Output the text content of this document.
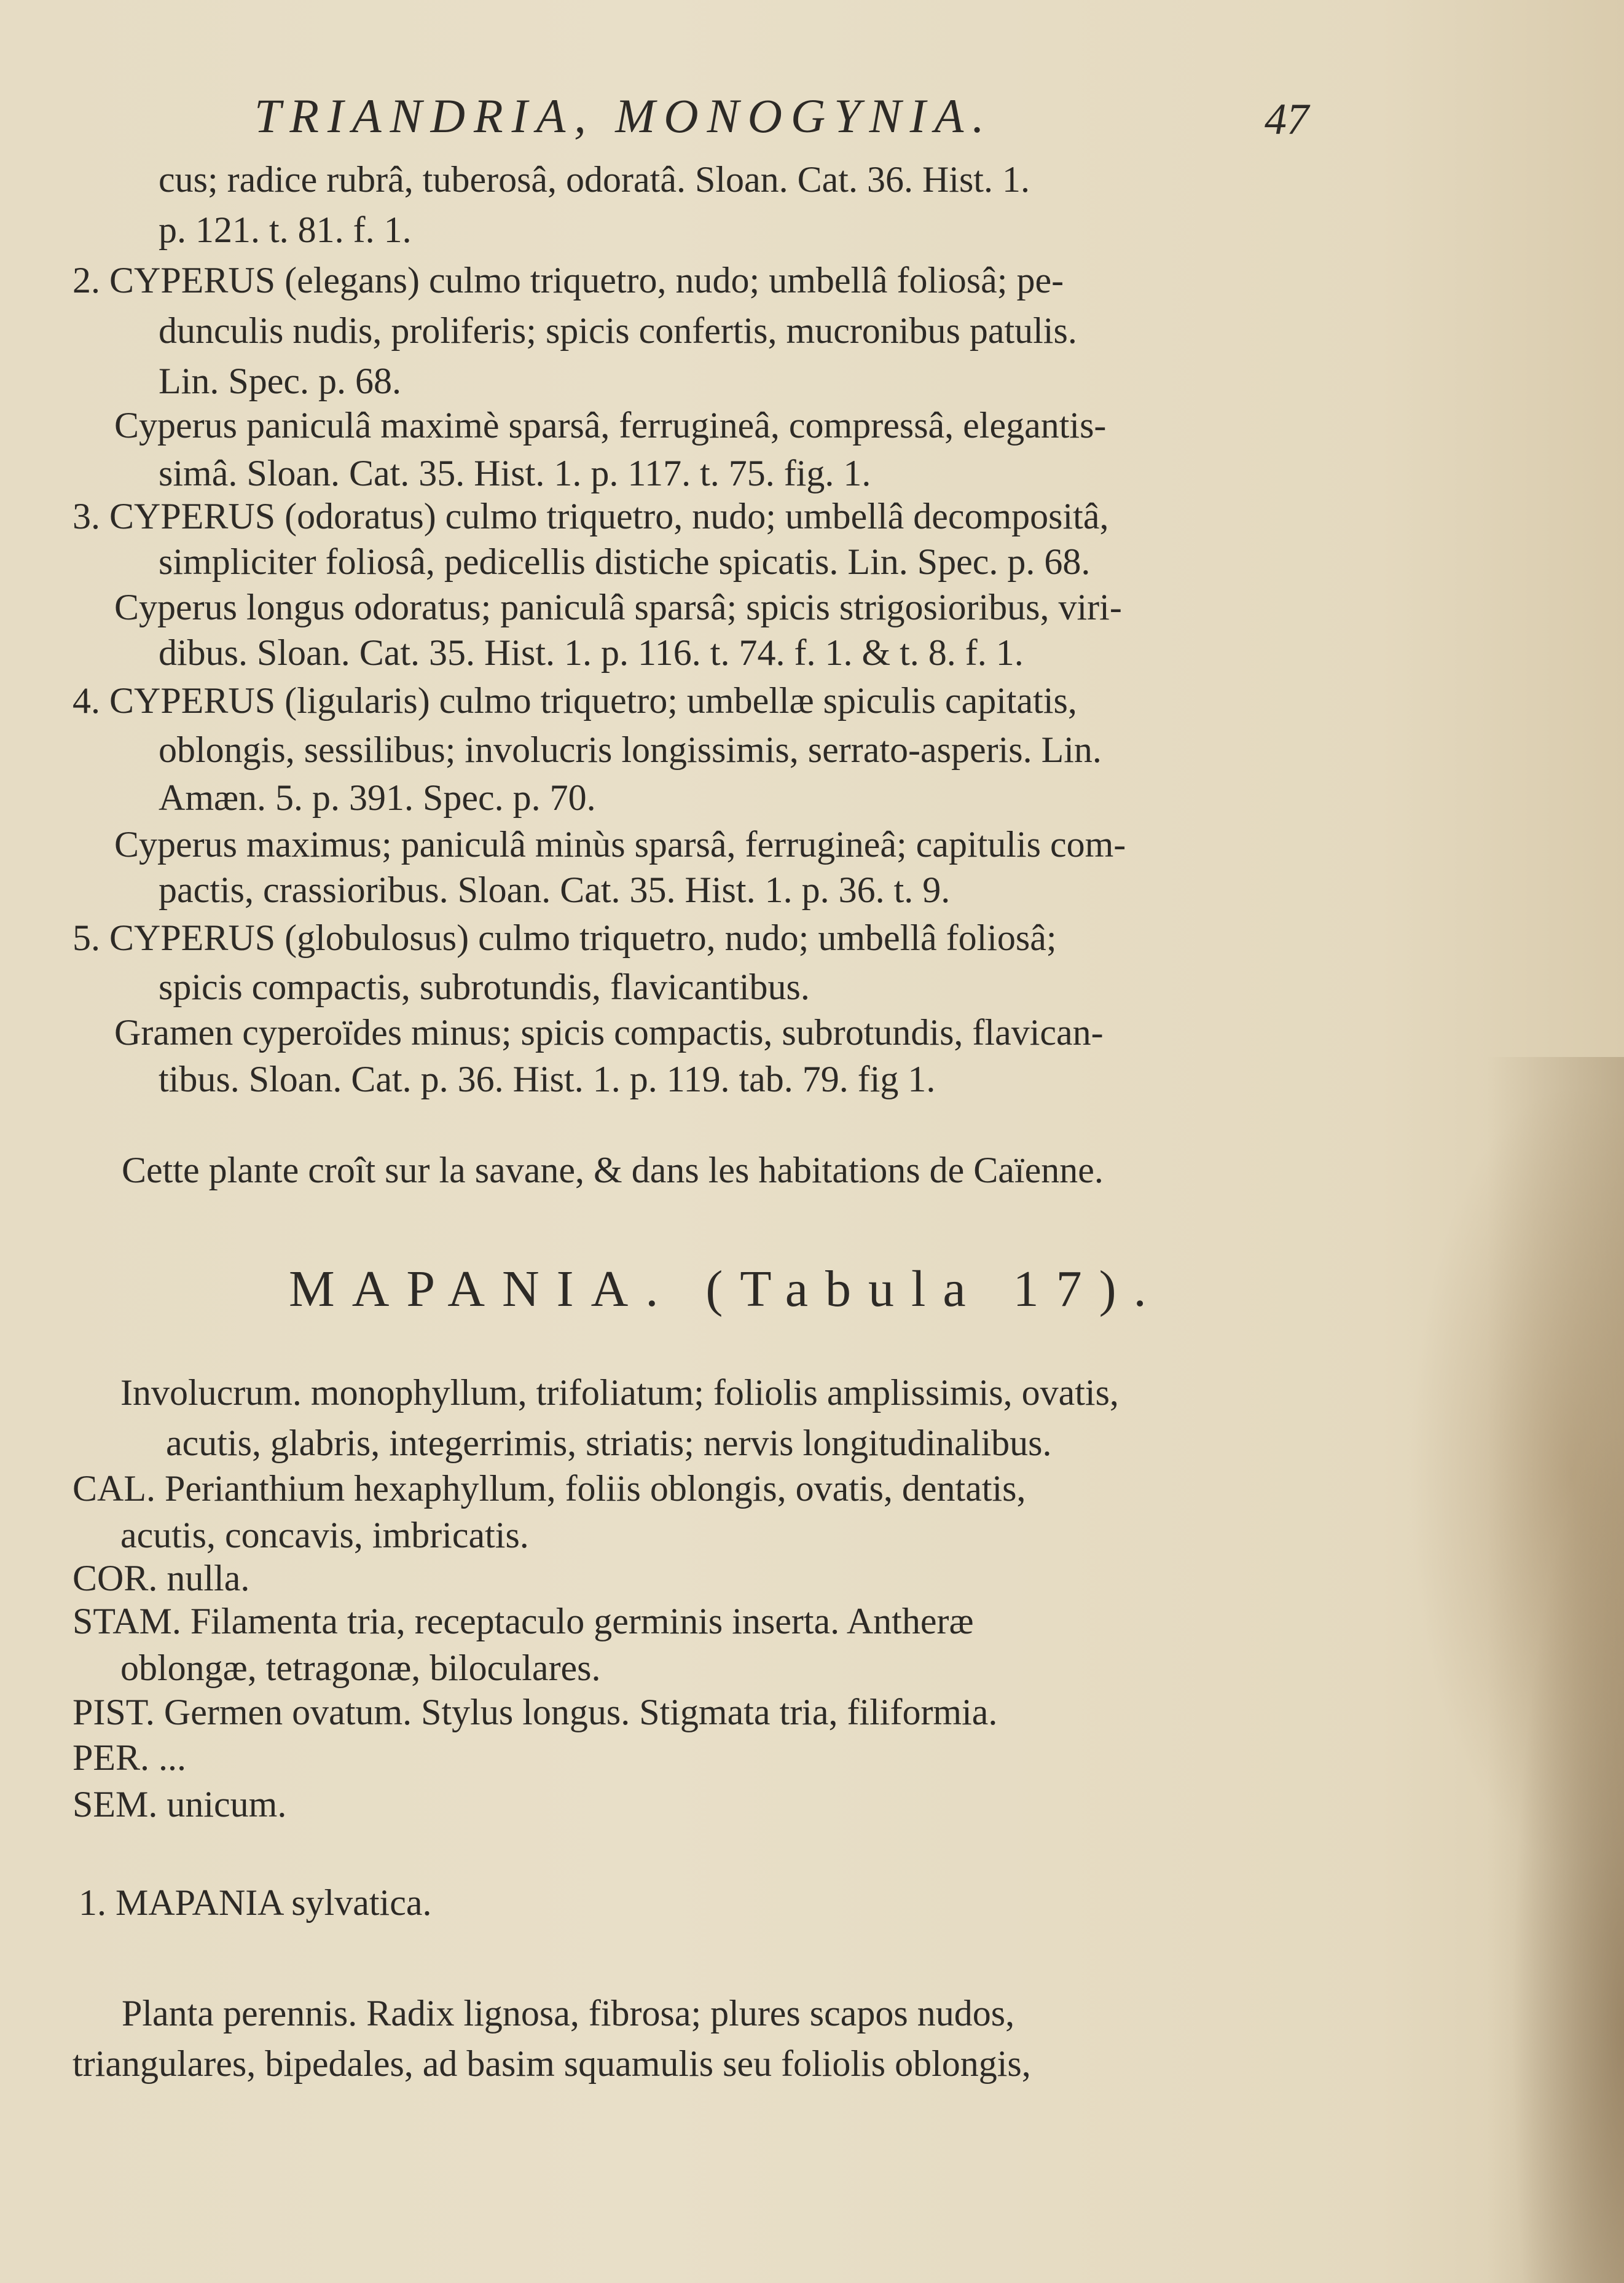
TRIANDRIA, MONOGYNIA.	47
cus; radice rubrâ, tuberosâ, odoratâ. Sloan. Cat. 36. Hist. 1.
p. 121. t. 81. f. 1.
2. CYPERUS (elegans) culmo triquetro, nudo; umbellâ foliosâ; pe-
dunculis nudis, proliferis; spicis confertis, mucronibus patulis.
Lin. Spec. p. 68.
Cyperus paniculâ maximè sparsâ, ferrugineâ, compressâ, elegantis-
simâ. Sloan. Cat. 35. Hist. 1. p. 117. t. 75. fig. 1.
3. CYPERUS (odoratus) culmo triquetro, nudo; umbellâ decompositâ,
simpliciter foliosâ, pedicellis distiche spicatis. Lin. Spec. p. 68.
Cyperus longus odoratus; paniculâ sparsâ; spicis strigosioribus, viri-
dibus. Sloan. Cat. 35. Hist. 1. p. 116. t. 74. f. 1. & t. 8. f. 1.
4. CYPERUS (ligularis) culmo triquetro; umbellæ spiculis capitatis,
oblongis, sessilibus; involucris longissimis, serrato-asperis. Lin.
Amæn. 5. p. 391. Spec. p. 70.
Cyperus maximus; paniculâ minùs sparsâ, ferrugineâ; capitulis com-
pactis, crassioribus. Sloan. Cat. 35. Hist. 1. p. 36. t. 9.
5. CYPERUS (globulosus) culmo triquetro, nudo; umbellâ foliosâ;
spicis compactis, subrotundis, flavicantibus.
Gramen cyperoïdes minus; spicis compactis, subrotundis, flavican-
tibus. Sloan. Cat. p. 36. Hist. 1. p. 119. tab. 79. fig 1.
Cette plante croît sur la savane, & dans les habitations de Caïenne.
MAPANIA. (Tabula 17).
Involucrum. monophyllum, trifoliatum; foliolis amplissimis, ovatis,
acutis, glabris, integerrimis, striatis; nervis longitudinalibus.
CAL. Perianthium hexaphyllum, foliis oblongis, ovatis, dentatis,
acutis, concavis, imbricatis.
COR. nulla.
STAM. Filamenta tria, receptaculo germinis inserta. Antheræ
oblongæ, tetragonæ, biloculares.
PIST. Germen ovatum. Stylus longus. Stigmata tria, filiformia.
PER. ...
SEM. unicum.
1. MAPANIA sylvatica.
Planta perennis. Radix lignosa, fibrosa; plures scapos nudos,
triangulares, bipedales, ad basim squamulis seu foliolis oblongis,
